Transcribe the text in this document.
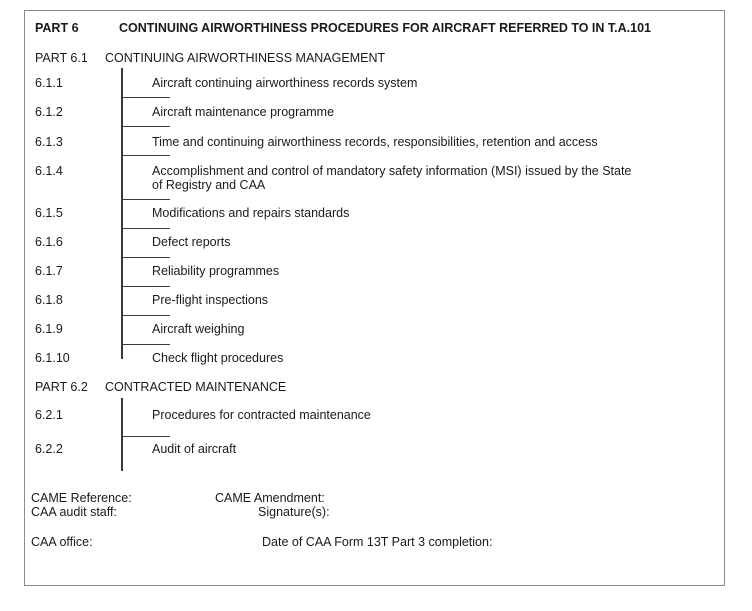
PART 6	CONTINUING AIRWORTHINESS PROCEDURES FOR AIRCRAFT REFERRED TO IN T.A.101
PART 6.1 CONTINUING AIRWORTHINESS MANAGEMENT
6.1.1	Aircraft continuing airworthiness records system
6.1.2	Aircraft maintenance programme
6.1.3	Time and continuing airworthiness records, responsibilities, retention and access
6.1.4	Accomplishment and control of mandatory safety information (MSI) issued by the State
of Registry and CAA
6.1.5	Modifications and repairs standards
6.1.6	Defect reports
6.1.7	Reliability programmes
6.1.8	Pre-flight inspections
6.1.9	Aircraft weighing
6.1.10	Check flight procedures
PART 6.2 CONTRACTED MAINTENANCE
6.2.1	Procedures for contracted maintenance
6.2.2	Audit of aircraft
CAME Reference:	CAME Amendment:
CAA audit staff:	Signature(s):
CAA office:	Date of CAA Form 13T Part 3 completion:
